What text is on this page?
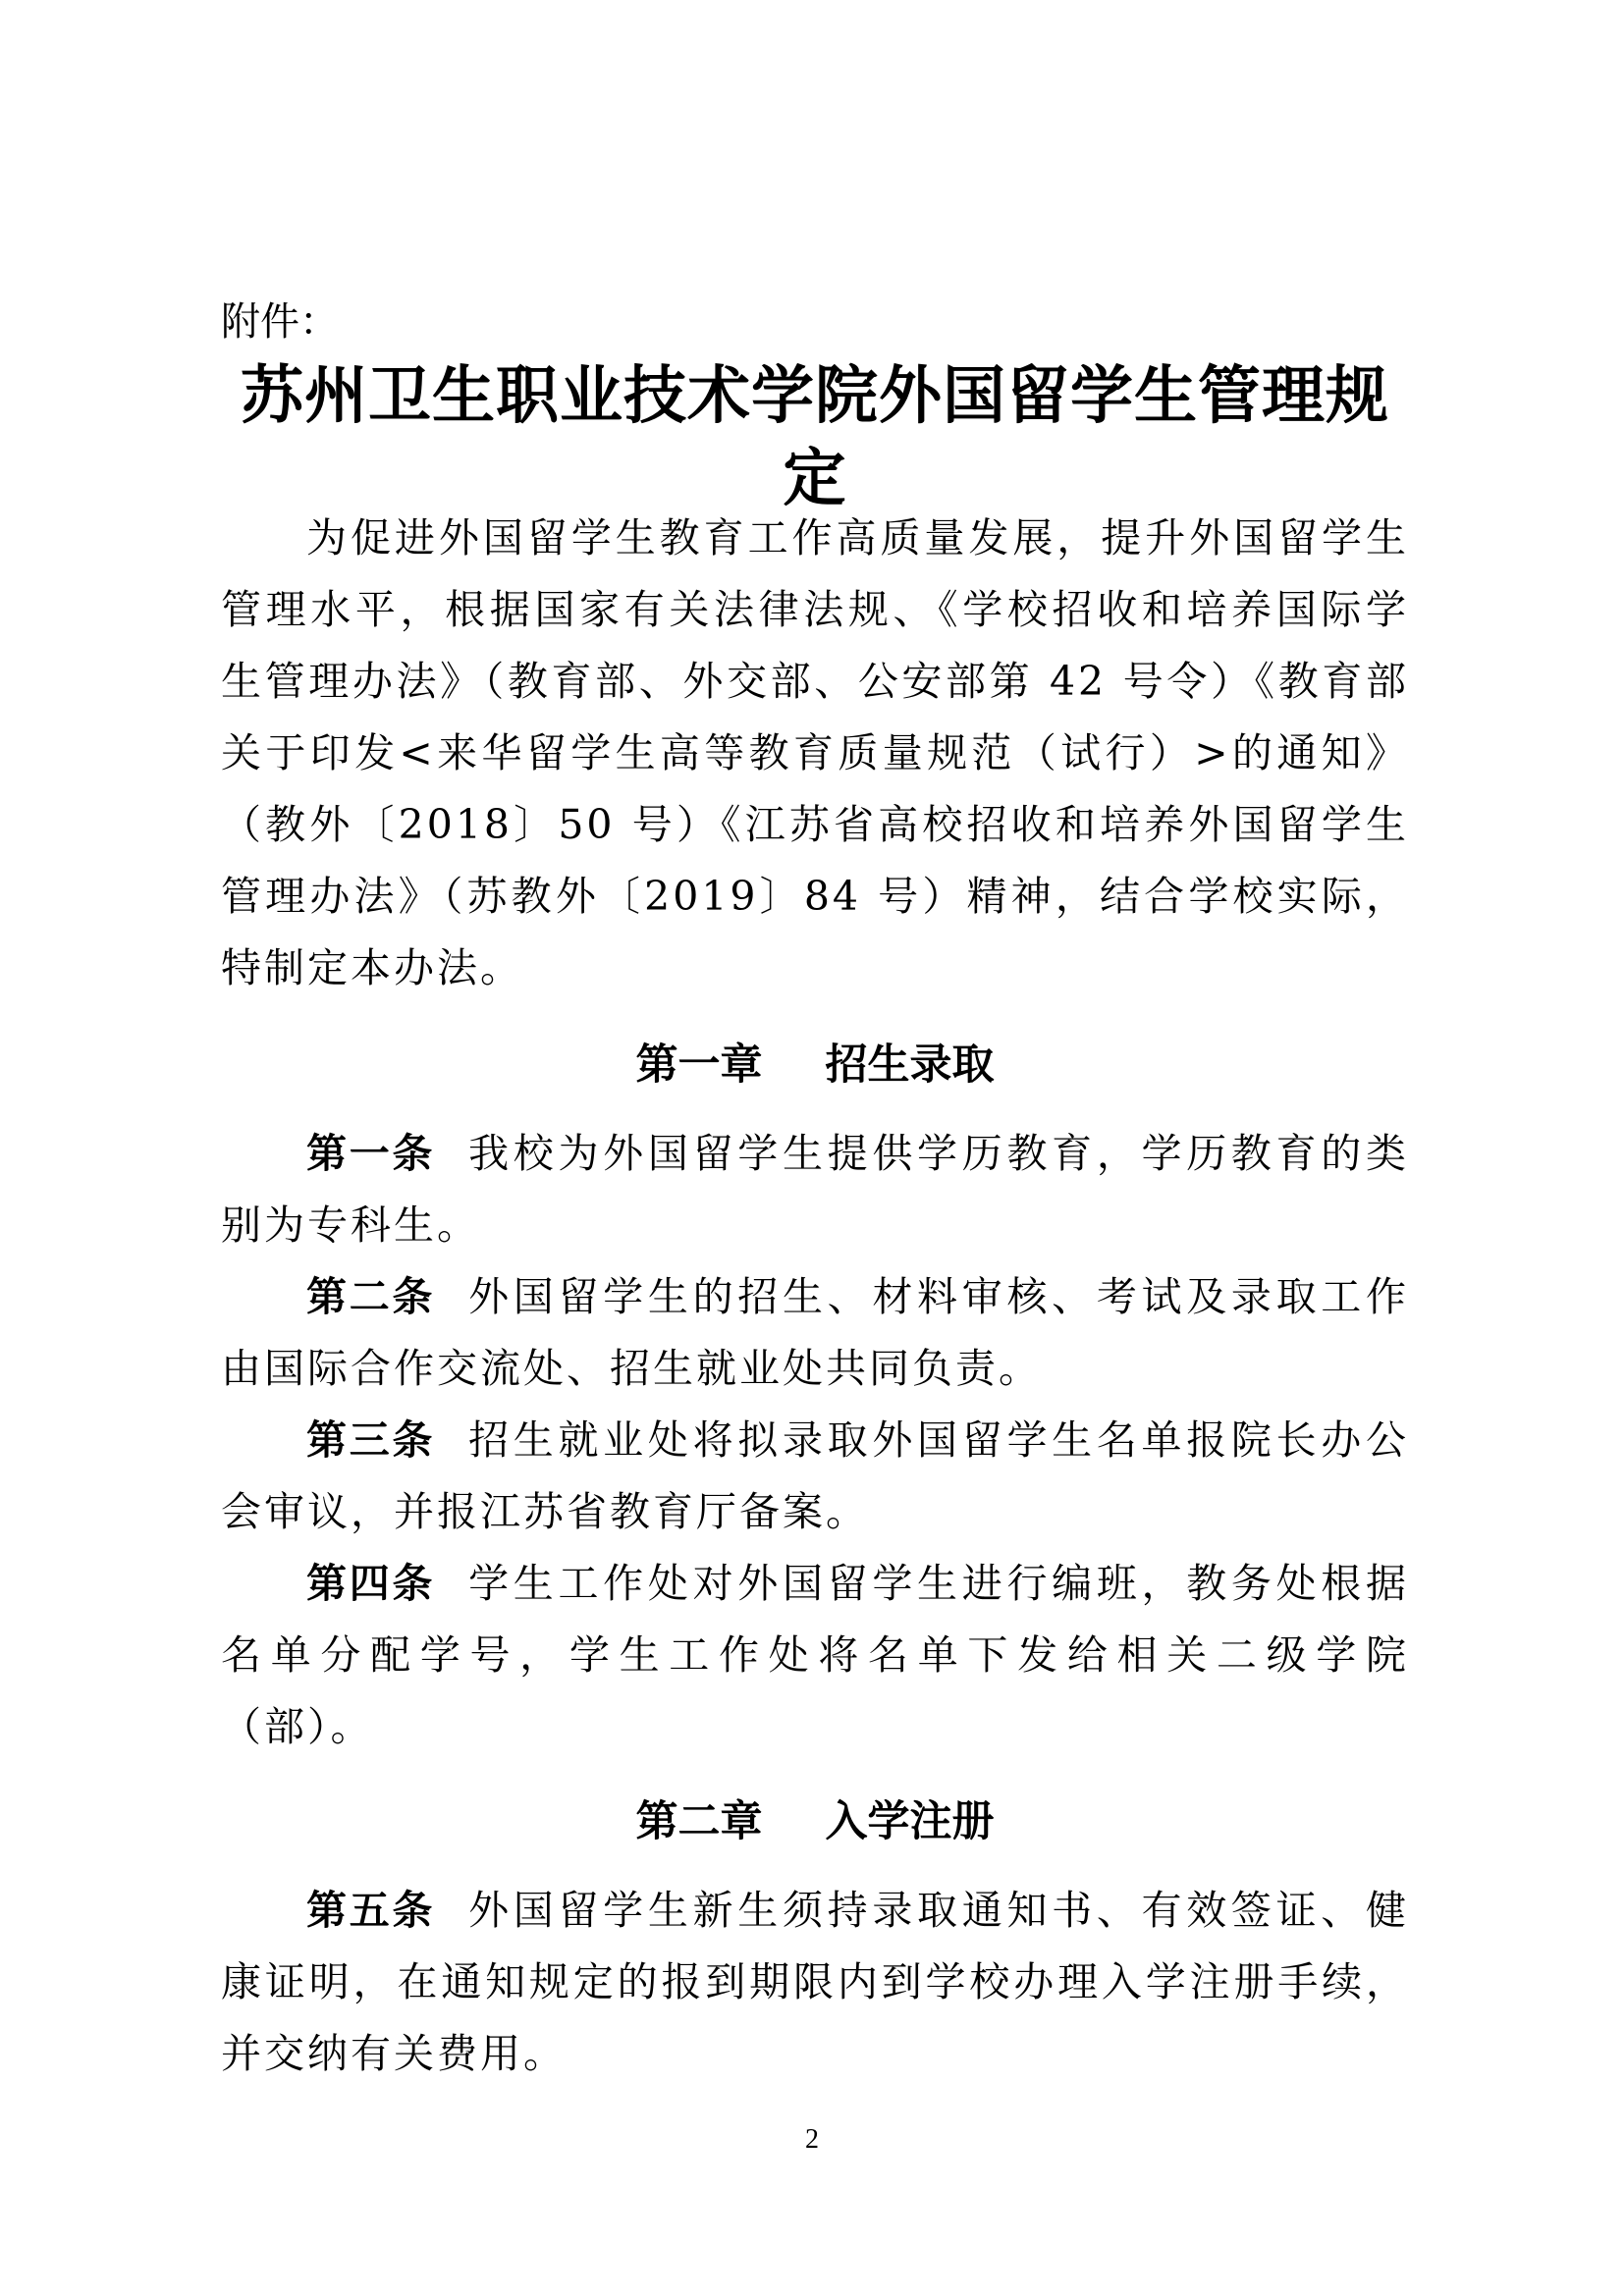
附件：
苏州卫生职业技术学院外国留学生管理规定

为促进外国留学生教育工作高质量发展，提升外国留学生管理水平，根据国家有关法律法规、《学校招收和培养国际学生管理办法》（教育部、外交部、公安部第 42 号令）《教育部关于印发<来华留学生高等教育质量规范（试行）>的通知》（教外〔2018〕50 号）《江苏省高校招收和培养外国留学生管理办法》（苏教外〔2019〕84 号）精神，结合学校实际，特制定本办法。

第一章 招生录取

第一条 我校为外国留学生提供学历教育，学历教育的类别为专科生。

第二条 外国留学生的招生、材料审核、考试及录取工作由国际合作交流处、招生就业处共同负责。

第三条 招生就业处将拟录取外国留学生名单报院长办公会审议，并报江苏省教育厅备案。

第四条 学生工作处对外国留学生进行编班，教务处根据名单分配学号，学生工作处将名单下发给相关二级学院（部）。

第二章 入学注册

第五条 外国留学生新生须持录取通知书、有效签证、健康证明，在通知规定的报到期限内到学校办理入学注册手续，并交纳有关费用。

2
